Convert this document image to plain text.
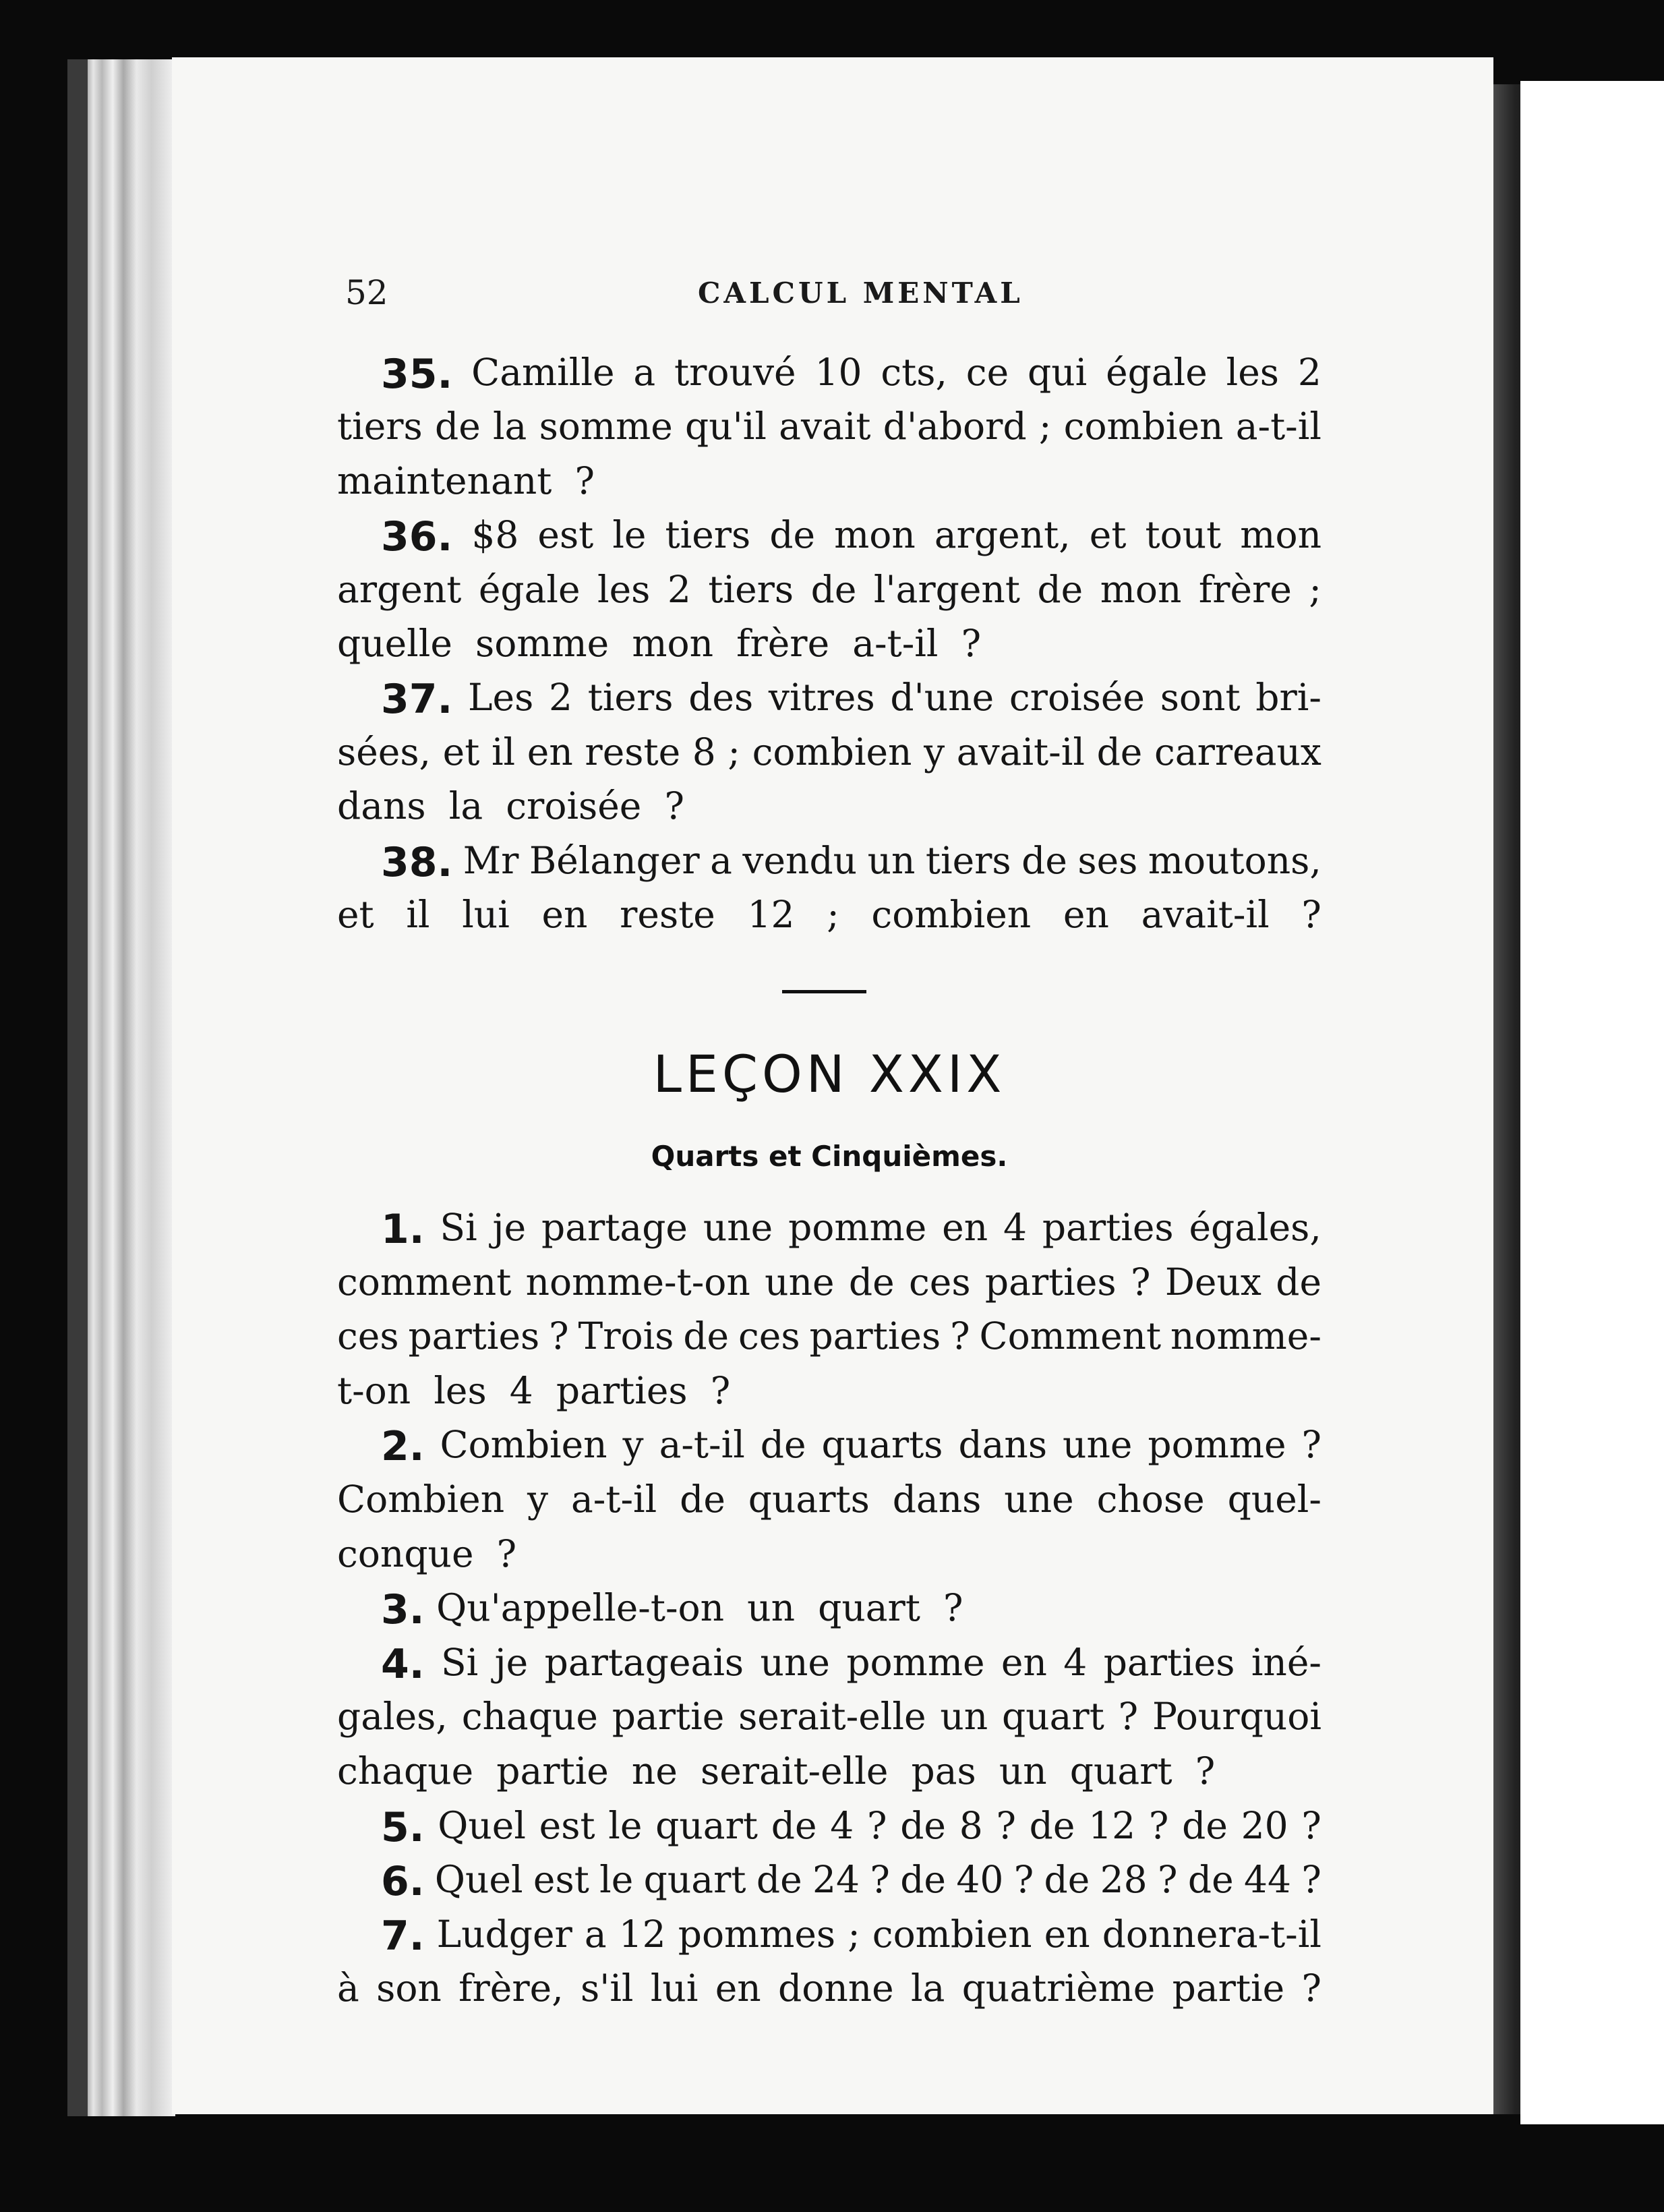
52	CALCUL MENTAL
35. Camille a trouvé 10 cts, ce qui égale les 2
tiers de la somme qu'il avait d'abord ; combien a-t-il
maintenant ?
36. $8 est le tiers de mon argent, et tout mon
argent égale les 2 tiers de l'argent de mon frère ;
quelle somme mon frère a-t-il ?
37. Les 2 tiers des vitres d'une croisée sont bri-
sées, et il en reste 8 ; combien y avait-il de carreaux
dans la croisée ?
38. Mr Bélanger a vendu un tiers de ses moutons,
et il lui en reste 12 ; combien en avait-il ?
LEÇON XXIX
Quarts et Cinquièmes.
1. Si je partage une pomme en 4 parties égales,
comment nomme-t-on une de ces parties ? Deux de
ces parties ? Trois de ces parties ? Comment nomme-
t-on les 4 parties ?
2. Combien y a-t-il de quarts dans une pomme ?
Combien y a-t-il de quarts dans une chose quel-
conque ?
3. Qu'appelle-t-on un quart ?
4. Si je partageais une pomme en 4 parties iné-
gales, chaque partie serait-elle un quart ? Pourquoi
chaque partie ne serait-elle pas un quart ?
5. Quel est le quart de 4 ? de 8 ? de 12 ? de 20 ?
6. Quel est le quart de 24 ? de 40 ? de 28 ? de 44 ?
7. Ludger a 12 pommes ; combien en donnera-t-il
à son frère, s'il lui en donne la quatrième partie ?
